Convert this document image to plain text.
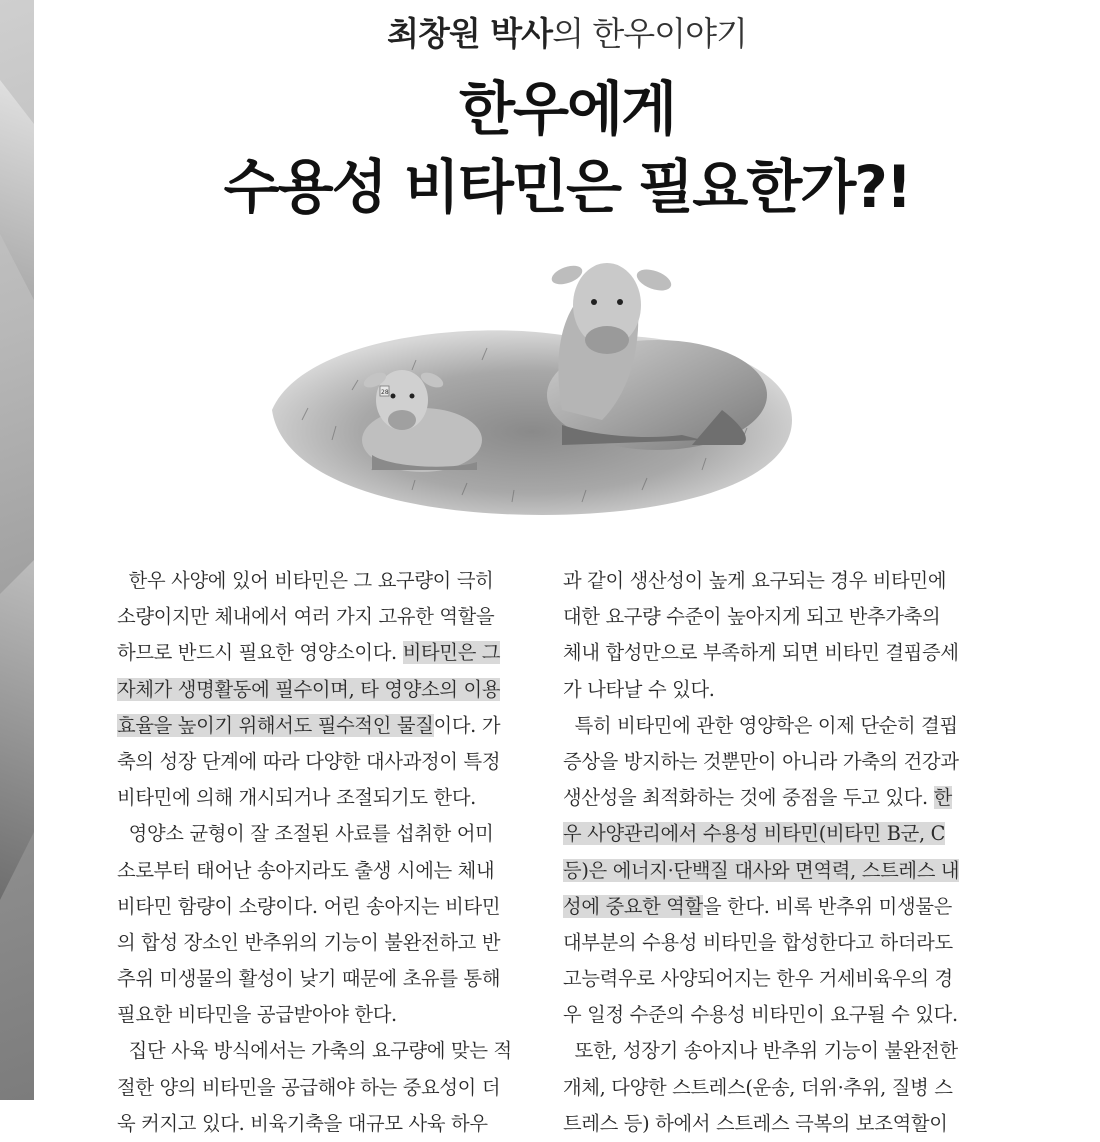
최창원 박사의 한우이야기
한우에게
수용성 비타민은 필요한가?!
28
한우 사양에 있어 비타민은 그 요구량이 극히
소량이지만 체내에서 여러 가지 고유한 역할을
하므로 반드시 필요한 영양소이다. 비타민은 그
자체가 생명활동에 필수이며, 타 영양소의 이용
효율을 높이기 위해서도 필수적인 물질이다. 가
축의 성장 단계에 따라 다양한 대사과정이 특정
비타민에 의해 개시되거나 조절되기도 한다.
영양소 균형이 잘 조절된 사료를 섭취한 어미
소로부터 태어난 송아지라도 출생 시에는 체내
비타민 함량이 소량이다. 어린 송아지는 비타민
의 합성 장소인 반추위의 기능이 불완전하고 반
추위 미생물의 활성이 낮기 때문에 초유를 통해
필요한 비타민을 공급받아야 한다.
집단 사육 방식에서는 가축의 요구량에 맞는 적
절한 양의 비타민을 공급해야 하는 중요성이 더
욱 커지고 있다. 비육기축을 대규모 사육 하우
과 같이 생산성이 높게 요구되는 경우 비타민에
대한 요구량 수준이 높아지게 되고 반추가축의
체내 합성만으로 부족하게 되면 비타민 결핍증세
가 나타날 수 있다.
특히 비타민에 관한 영양학은 이제 단순히 결핍
증상을 방지하는 것뿐만이 아니라 가축의 건강과
생산성을 최적화하는 것에 중점을 두고 있다. 한
우 사양관리에서 수용성 비타민(비타민 B군, C
등)은 에너지·단백질 대사와 면역력, 스트레스 내
성에 중요한 역할을 한다. 비록 반추위 미생물은
대부분의 수용성 비타민을 합성한다고 하더라도
고능력우로 사양되어지는 한우 거세비육우의 경
우 일정 수준의 수용성 비타민이 요구될 수 있다.
또한, 성장기 송아지나 반추위 기능이 불완전한
개체, 다양한 스트레스(운송, 더위·추위, 질병 스
트레스 등) 하에서 스트레스 극복의 보조역할이
